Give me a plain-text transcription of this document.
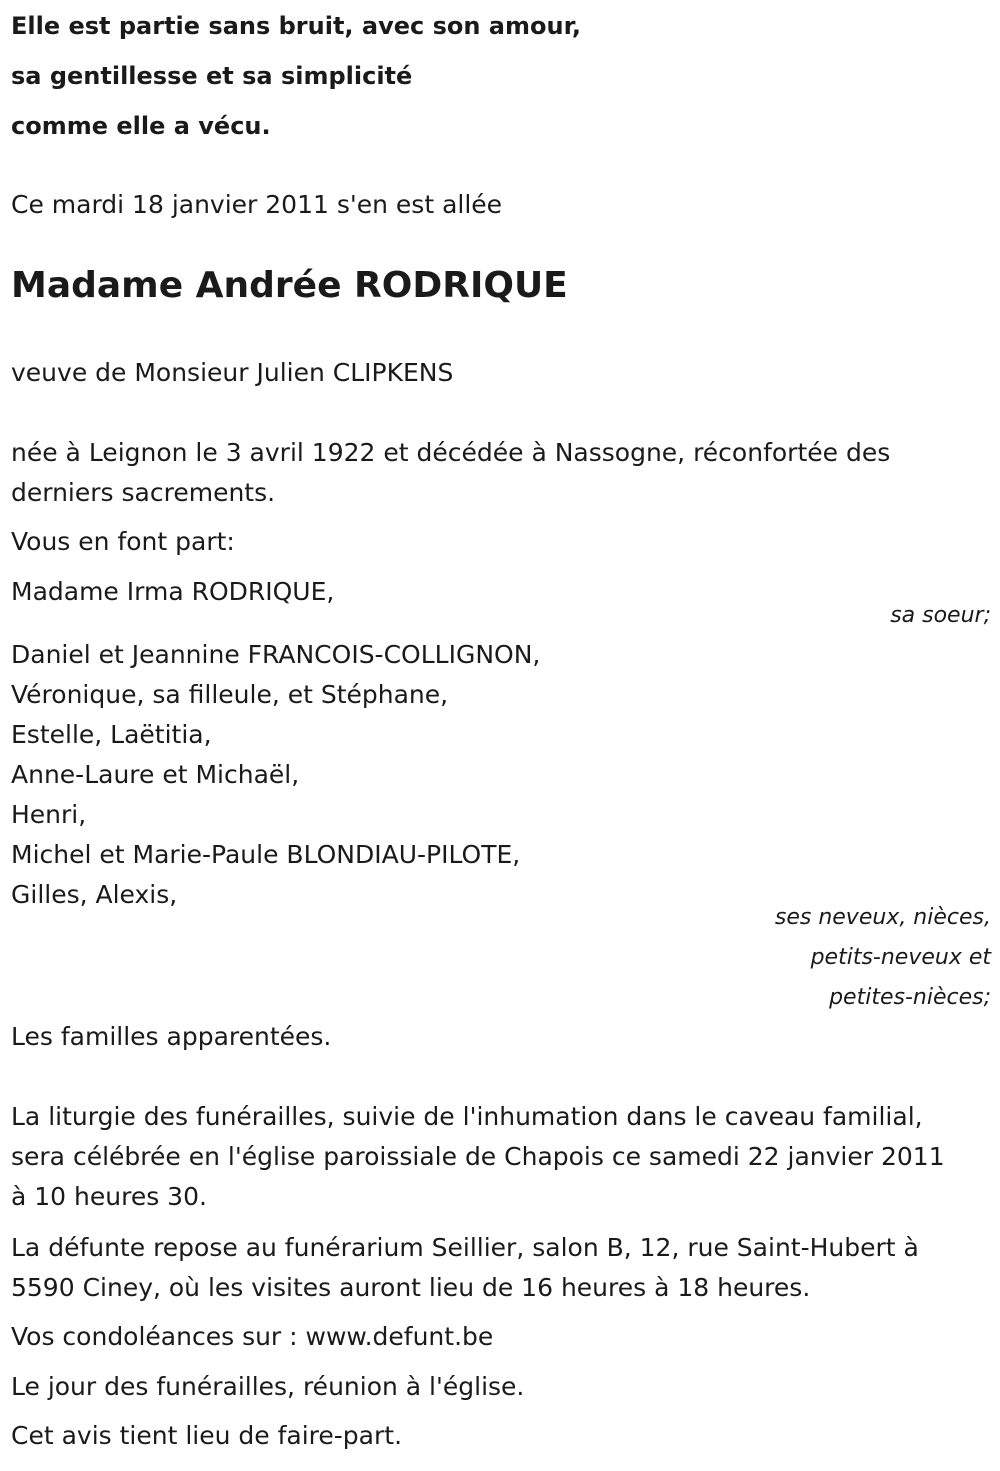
Elle est partie sans bruit, avec son amour,
sa gentillesse et sa simplicité
comme elle a vécu.
Ce mardi 18 janvier 2011 s'en est allée
Madame Andrée RODRIQUE
veuve de Monsieur Julien CLIPKENS
née à Leignon le 3 avril 1922 et décédée à Nassogne, réconfortée des
derniers sacrements.
Vous en font part:
Madame Irma RODRIQUE,
sa soeur;
Daniel et Jeannine FRANCOIS-COLLIGNON,
Véronique, sa filleule, et Stéphane,
Estelle, Laëtitia,
Anne-Laure et Michaël,
Henri,
Michel et Marie-Paule BLONDIAU-PILOTE,
Gilles, Alexis,
ses neveux, nièces,
petits-neveux et
petites-nièces;
Les familles apparentées.
La liturgie des funérailles, suivie de l'inhumation dans le caveau familial,
sera célébrée en l'église paroissiale de Chapois ce samedi 22 janvier 2011
à 10 heures 30.
La défunte repose au funérarium Seillier, salon B, 12, rue Saint-Hubert à
5590 Ciney, où les visites auront lieu de 16 heures à 18 heures.
Vos condoléances sur : www.defunt.be
Le jour des funérailles, réunion à l'église.
Cet avis tient lieu de faire-part.
